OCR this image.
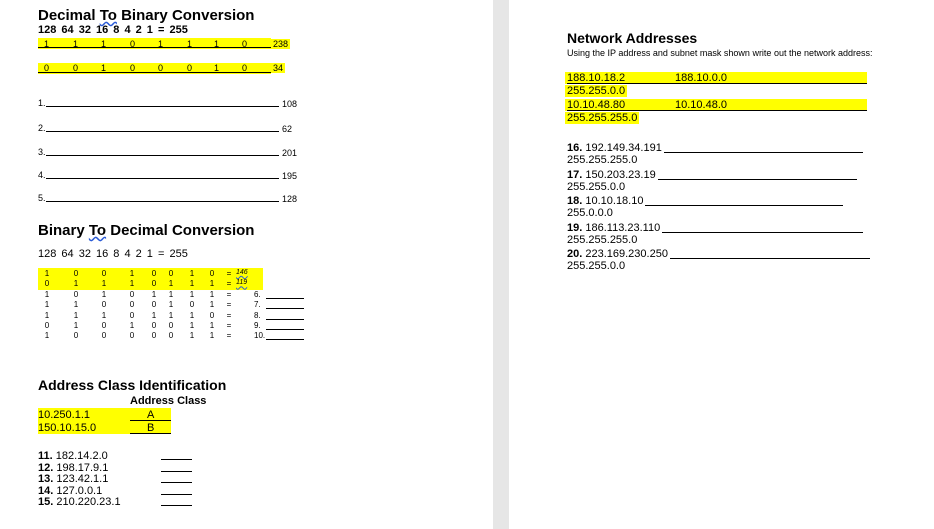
Decimal To Binary Conversion
128 64 32 16 8 4 2 1 = 255
1	1	1	0	1	1 1	0	238
0	0	1	0	0	0 1	0	34
1.	108
2.	62
3.	201
4.	195
5.	128
Binary To Decimal Conversion
128 64 32 16 8 4 2 1 = 255
1	0	0	1	0	0	1	0	= 146
0	1	1	1	0	1	1	1	= 119
1	0	1	0	1	1	1	1	=	6.
1	1	0	0	0	1	0	1	=	7.
1	1	1	0	1	1	1	0	=	8.
0	1	0	1	0	0	1	1	=	9.
1	0	0	0	0	0	1	1	=	10.
Address Class Identification
Address Class
10.250.1.1	A
150.10.15.0	B
11. 182.14.2.0
12. 198.17.9.1
13. 123.42.1.1
14. 127.0.0.1
15. 210.220.23.1
Network Addresses
Using the IP address and subnet mask shown write out the network address:
188.10.18.2	188.10.0.0
255.255.0.0
10.10.48.80	10.10.48.0
255.255.255.0
16. 192.149.34.191
255.255.255.0
17. 150.203.23.19
255.255.0.0
18. 10.10.18.10
255.0.0.0
19. 186.113.23.110
255.255.255.0
20. 223.169.230.250
255.255.0.0
